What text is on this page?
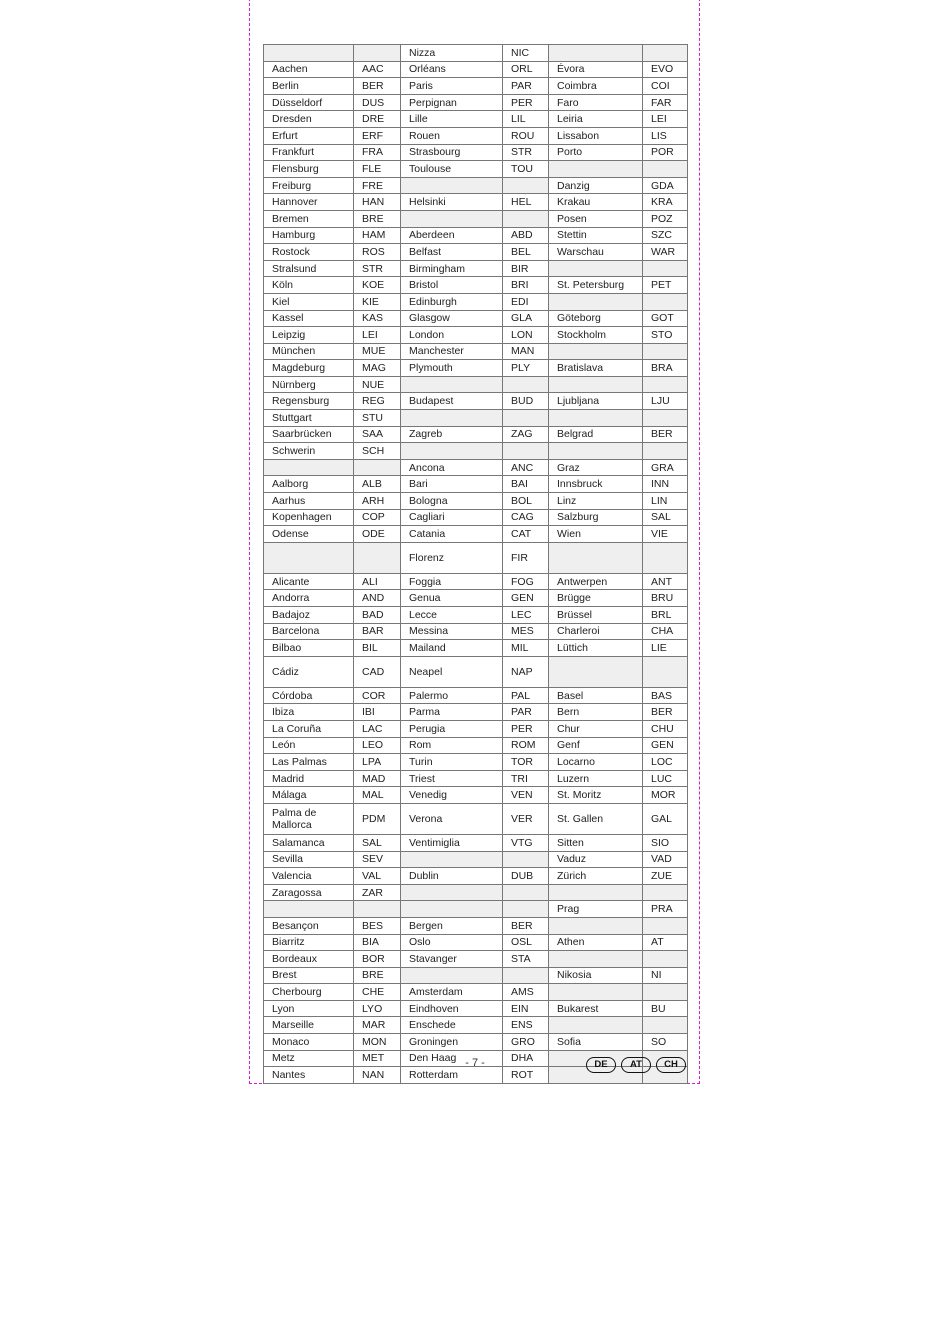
		Nizza	NIC		
Aachen	AAC	Orléans	ORL	Évora	EVO
Berlin	BER	Paris	PAR	Coimbra	COI
Düsseldorf	DUS	Perpignan	PER	Faro	FAR
Dresden	DRE	Lille	LIL	Leiria	LEI
Erfurt	ERF	Rouen	ROU	Lissabon	LIS
Frankfurt	FRA	Strasbourg	STR	Porto	POR
Flensburg	FLE	Toulouse	TOU		
Freiburg	FRE			Danzig	GDA
Hannover	HAN	Helsinki	HEL	Krakau	KRA
Bremen	BRE			Posen	POZ
Hamburg	HAM	Aberdeen	ABD	Stettin	SZC
Rostock	ROS	Belfast	BEL	Warschau	WAR
Stralsund	STR	Birmingham	BIR		
Köln	KOE	Bristol	BRI	St. Petersburg	PET
Kiel	KIE	Edinburgh	EDI		
Kassel	KAS	Glasgow	GLA	Göteborg	GOT
Leipzig	LEI	London	LON	Stockholm	STO
München	MUE	Manchester	MAN		
Magdeburg	MAG	Plymouth	PLY	Bratislava	BRA
Nürnberg	NUE				
Regensburg	REG	Budapest	BUD	Ljubljana	LJU
Stuttgart	STU				
Saarbrücken	SAA	Zagreb	ZAG	Belgrad	BER
Schwerin	SCH				
		Ancona	ANC	Graz	GRA
Aalborg	ALB	Bari	BAI	Innsbruck	INN
Aarhus	ARH	Bologna	BOL	Linz	LIN
Kopenhagen	COP	Cagliari	CAG	Salzburg	SAL
Odense	ODE	Catania	CAT	Wien	VIE
		Florenz	FIR		
Alicante	ALI	Foggia	FOG	Antwerpen	ANT
Andorra	AND	Genua	GEN	Brügge	BRU
Badajoz	BAD	Lecce	LEC	Brüssel	BRL
Barcelona	BAR	Messina	MES	Charleroi	CHA
Bilbao	BIL	Mailand	MIL	Lüttich	LIE
Cádiz	CAD	Neapel	NAP		
Córdoba	COR	Palermo	PAL	Basel	BAS
Ibiza	IBI	Parma	PAR	Bern	BER
La Coruña	LAC	Perugia	PER	Chur	CHU
León	LEO	Rom	ROM	Genf	GEN
Las Palmas	LPA	Turin	TOR	Locarno	LOC
Madrid	MAD	Triest	TRI	Luzern	LUC
Málaga	MAL	Venedig	VEN	St. Moritz	MOR
Palma de Mallorca	PDM	Verona	VER	St. Gallen	GAL
Salamanca	SAL	Ventimiglia	VTG	Sitten	SIO
Sevilla	SEV			Vaduz	VAD
Valencia	VAL	Dublin	DUB	Zürich	ZUE
Zaragossa	ZAR				
				Prag	PRA
Besançon	BES	Bergen	BER		
Biarritz	BIA	Oslo	OSL	Athen	AT
Bordeaux	BOR	Stavanger	STA		
Brest	BRE			Nikosia	NI
Cherbourg	CHE	Amsterdam	AMS		
Lyon	LYO	Eindhoven	EIN	Bukarest	BU
Marseille	MAR	Enschede	ENS		
Monaco	MON	Groningen	GRO	Sofia	SO
Metz	MET	Den Haag	DHA		
Nantes	NAN	Rotterdam	ROT		
- 7 -	DE	AT	CH
